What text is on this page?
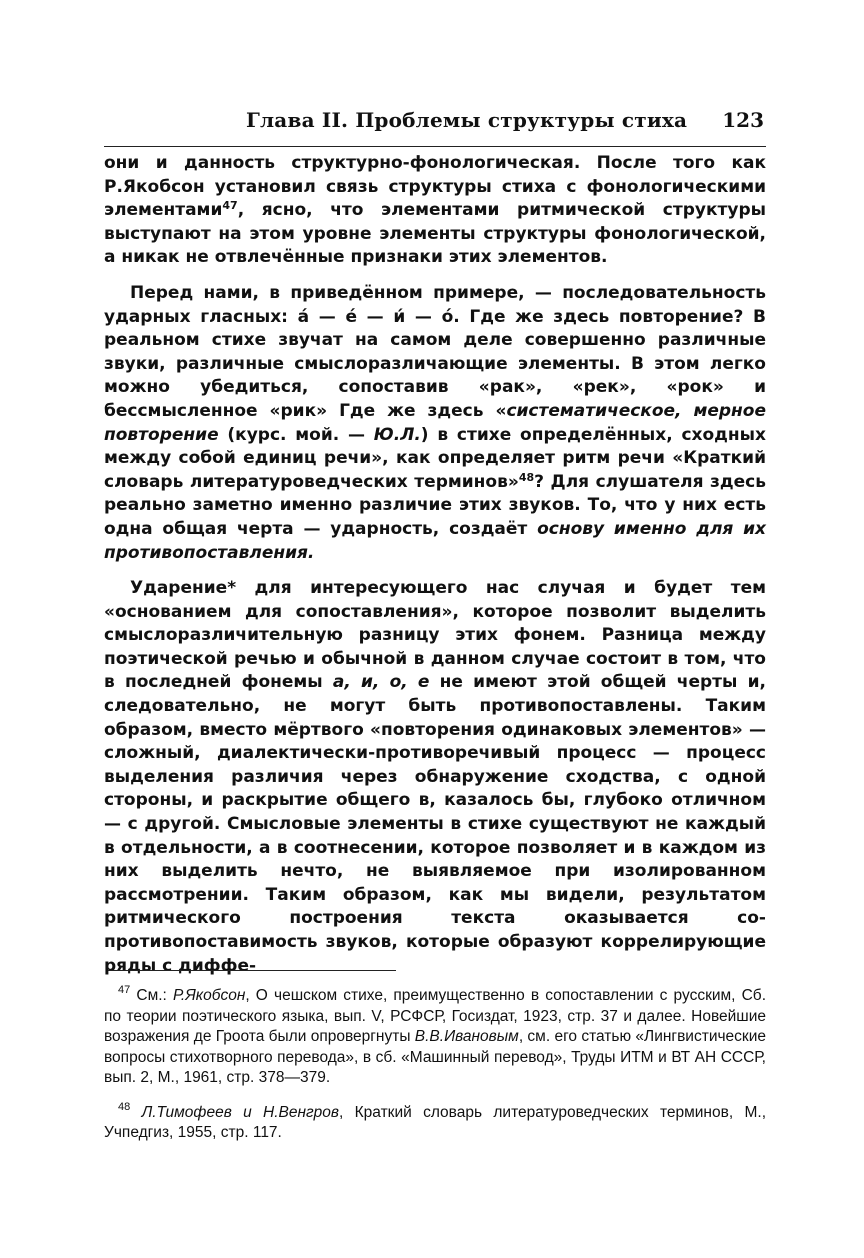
Глава II. Проблемы структуры стиха 123

они и данность структурно-фонологическая. После того как Р.Якобсон установил связь структуры стиха с фонологическими элементами$^{47}$, ясно, что элементами ритмической структуры выступают на этом уровне элементы структуры фонологической, а никак не отвлечённые признаки этих элементов.

Перед нами, в приведённом примере, — последовательность ударных гласных: á — é — и́ — ó. Где же здесь повторение? В реальном стихе звучат на самом деле совершенно различные звуки, различные смыслоразличающие элементы. В этом легко можно убедиться, сопоставив «рак», «рек», «рок» и бессмысленное «рик» Где же здесь «систематическое, мерное повторение (курс. мой. — Ю.Л.) в стихе определённых, сходных между собой единиц речи», как определяет ритм речи «Краткий словарь литературоведческих терминов»$^{48}$? Для слушателя здесь реально заметно именно различие этих звуков. То, что у них есть одна общая черта — ударность, создаёт основу именно для их противопоставления.

Ударение* для интересующего нас случая и будет тем «основанием для сопоставления», которое позволит выделить смыслоразличительную разницу этих фонем. Разница между поэтической речью и обычной в данном случае состоит в том, что в последней фонемы а, и, о, е не имеют этой общей черты и, следовательно, не могут быть противопоставлены. Таким образом, вместо мёртвого «повторения одинаковых элементов» — сложный, диалектически-противоречивый процесс — процесс выделения различия через обнаружение сходства, с одной стороны, и раскрытие общего в, казалось бы, глубоко отличном — с другой. Смысловые элементы в стихе существуют не каждый в отдельности, а в соотнесении, которое позволяет и в каждом из них выделить нечто, не выявляемое при изолированном рассмотрении. Таким образом, как мы видели, результатом ритмического построения текста оказывается со-противопоставимость звуков, которые образуют коррелирующие ряды с диффе-

$^{47}$ См.: Р.Якобсон, О чешском стихе, преимущественно в сопоставлении с русским, Сб. по теории поэтического языка, вып. V, РСФСР, Госиздат, 1923, стр. 37 и далее. Новейшие возражения де Гроота были опровергнуты В.В.Ивановым, см. его статью «Лингвистические вопросы стихотворного перевода», в сб. «Машинный перевод», Труды ИТМ и ВТ АН СССР, вып. 2, М., 1961, стр. 378—379.

$^{48}$ Л.Тимофеев и Н.Венгров, Краткий словарь литературоведческих терминов, М., Учпедгиз, 1955, стр. 117.
